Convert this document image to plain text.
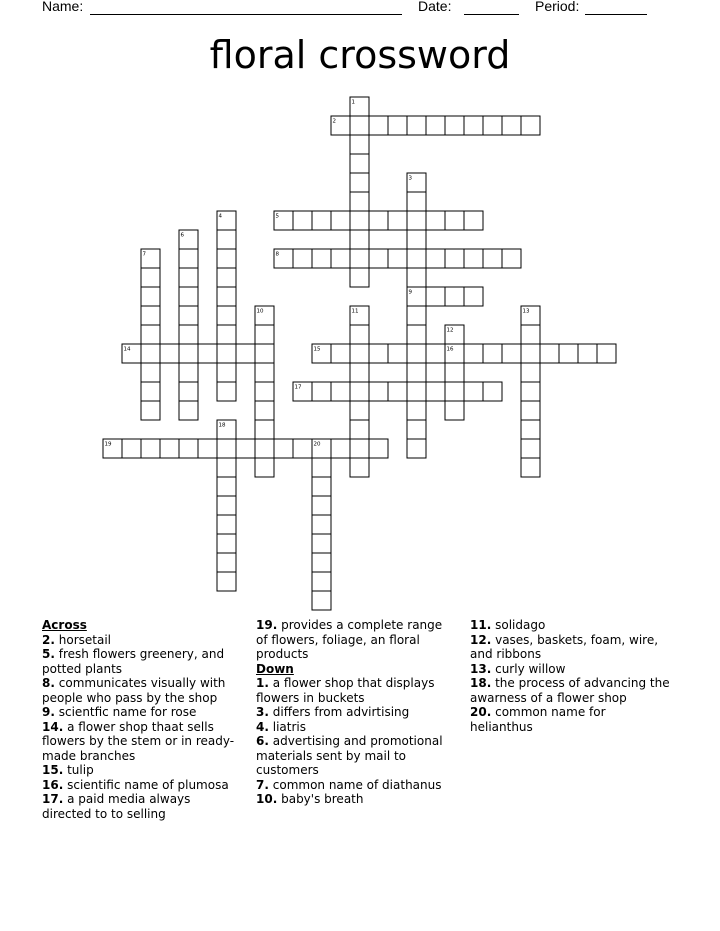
Name:	Date:	Period:
floral crossword
1
2
3
4	5
6
7	8
9
10	11
12
13
14	15	16
17
18
19	20

Across

2. horsetail

5. fresh flowers greenery, and potted plants

8. communicates visually with people who pass by the shop

9. scientfic name for rose

14. a flower shop thaat sells flowers by the stem or in ready-made branches

15. tulip

16. scientific name of plumosa

17. a paid media always directed to to selling

19. provides a complete range of flowers, foliage, an floral products

Down

1. a flower shop that displays flowers in buckets

3. differs from advirtising

4. liatris

6. advertising and promotional materials sent by mail to customers

7. common name of diathanus

10. baby's breath

11. solidago

12. vases, baskets, foam, wire, and ribbons

13. curly willow

18. the process of advancing the awarness of a flower shop

20. common name for helianthus
